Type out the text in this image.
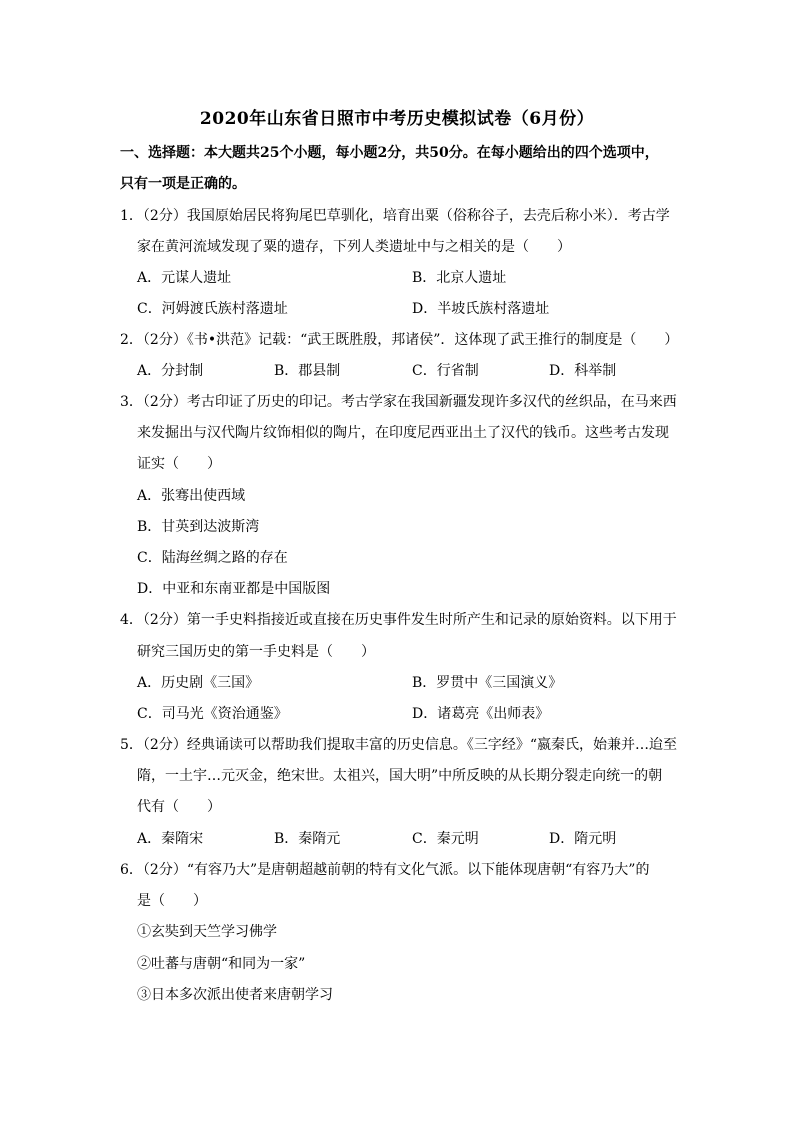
2020年山东省日照市中考历史模拟试卷（6月份）
一、选择题：本大题共25个小题，每小题2分，共50分。在每小题给出的四个选项中，
只有一项是正确的。
1．（2分）我国原始居民将狗尾巴草驯化，培育出粟（俗称谷子，去壳后称小米）．考古学
家在黄河流域发现了粟的遗存，下列人类遗址中与之相关的是（　　）
A．元谋人遗址	B．北京人遗址
C．河姆渡氏族村落遗址	D．半坡氏族村落遗址
2．（2分）《书•洪范》记载：“武王既胜殷，邦诸侯”．这体现了武王推行的制度是（　　）
A．分封制	B．郡县制	C．行省制	D．科举制
3．（2分）考古印证了历史的印记。考古学家在我国新疆发现许多汉代的丝织品，在马来西
来发掘出与汉代陶片纹饰相似的陶片，在印度尼西亚出土了汉代的钱币。这些考古发现
证实（　　）
A．张骞出使西域
B．甘英到达波斯湾
C．陆海丝绸之路的存在
D．中亚和东南亚都是中国版图
4．（2分）第一手史料指接近或直接在历史事件发生时所产生和记录的原始资料。以下用于
研究三国历史的第一手史料是（　　）
A．历史剧《三国》	B．罗贯中《三国演义》
C．司马光《资治通鉴》	D．诸葛亮《出师表》
5．（2分）经典诵读可以帮助我们提取丰富的历史信息。《三字经》“嬴秦氏，始兼并…迨至
隋，一土宇…元灭金，绝宋世。太祖兴，国大明”中所反映的从长期分裂走向统一的朝
代有（　　）
A．秦隋宋	B．秦隋元	C．秦元明	D．隋元明
6．（2分）“有容乃大”是唐朝超越前朝的特有文化气派。以下能体现唐朝“有容乃大”的
是（　　）
①玄奘到天竺学习佛学
②吐蕃与唐朝“和同为一家”
③日本多次派出使者来唐朝学习
